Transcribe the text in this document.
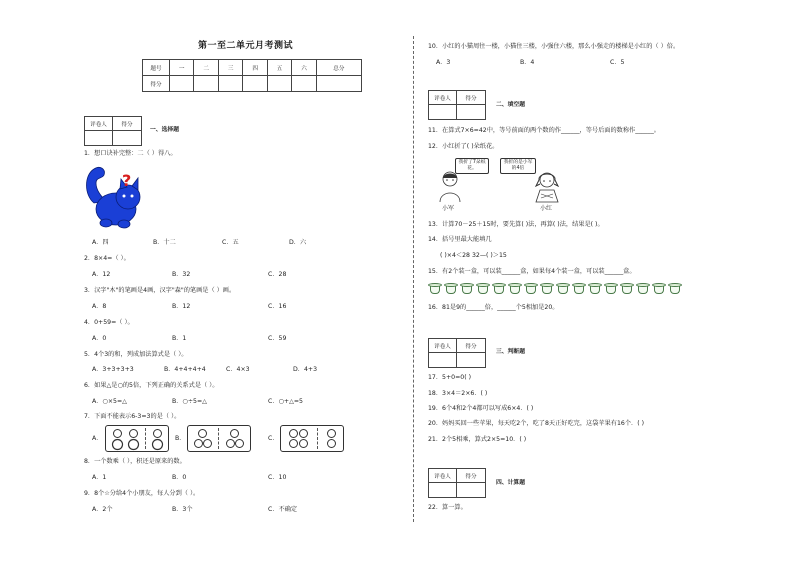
第一至二单元月考测试
题号	一	二	三	四	五	六	总分
得分							
评卷人	得分
一、选择题
1．想口诀补完整：二（ ）得八。
?
A．四	B．十二	C．五	D．六
2．8×4=（ ）。
A．12	B．32	C．28
3．汉字"木"的笔画是4画，汉字"森"的笔画是（ ）画。
A．8	B．12	C．16
4．0+59=（ ）。
A．0	B．1	C．59
5．4个3的和，列成加法算式是（ ）。
A．3+3+3+3	B．4+4+4+4	C．4×3	D．4+3
6．如果△是○的5倍，下列正确的关系式是（ ）。
A．○×5=△	B．○÷5=△	C．○+△=5
7．下面不能表示6-3=3的是（ ）。
A．	B．	C．
8．一个数乘（ ），积还是原来的数。
A．1	B．0	C．10
9．8个☆分给4个小朋友，每人分到（ ）。
A．2个	B．3个	C．不确定
10．小红的小猫周往一楼，小猫住三楼，小强住六楼，那么小强走的楼梯是小红的（ ）倍。
A．3	B．4	C．5
评卷人	得分
二、填空题
11．在算式7×6=42中，等号前面的两个数的作______，等号后面的数称作______。
12．小红折了( )朵纸花。
我折了7朵纸花。
小军
我折的是小军的4倍
小红
13．计算70－25＋15时，要先算( )法，再算( )法，结果是( )。
14．括号里最大能填几
( )×4＜28 32—( )＞15
15．有2个装一盒，可以装______盒，如果每4个装一盒，可以装______盒。
16．81是9的______倍，______个5相加是20。
评卷人	得分
三、判断题
17．5+0=0( )
18．3×4＝2×6．( )
19．6个4和2个4都可以写成6×4．( )
20．妈妈买回一些苹果，每天吃2个，吃了8天正好吃完，这袋苹果有16个．( )
21．2个5相乘，算式2×5=10．( )
评卷人	得分
四、计算题
22．算一算。
